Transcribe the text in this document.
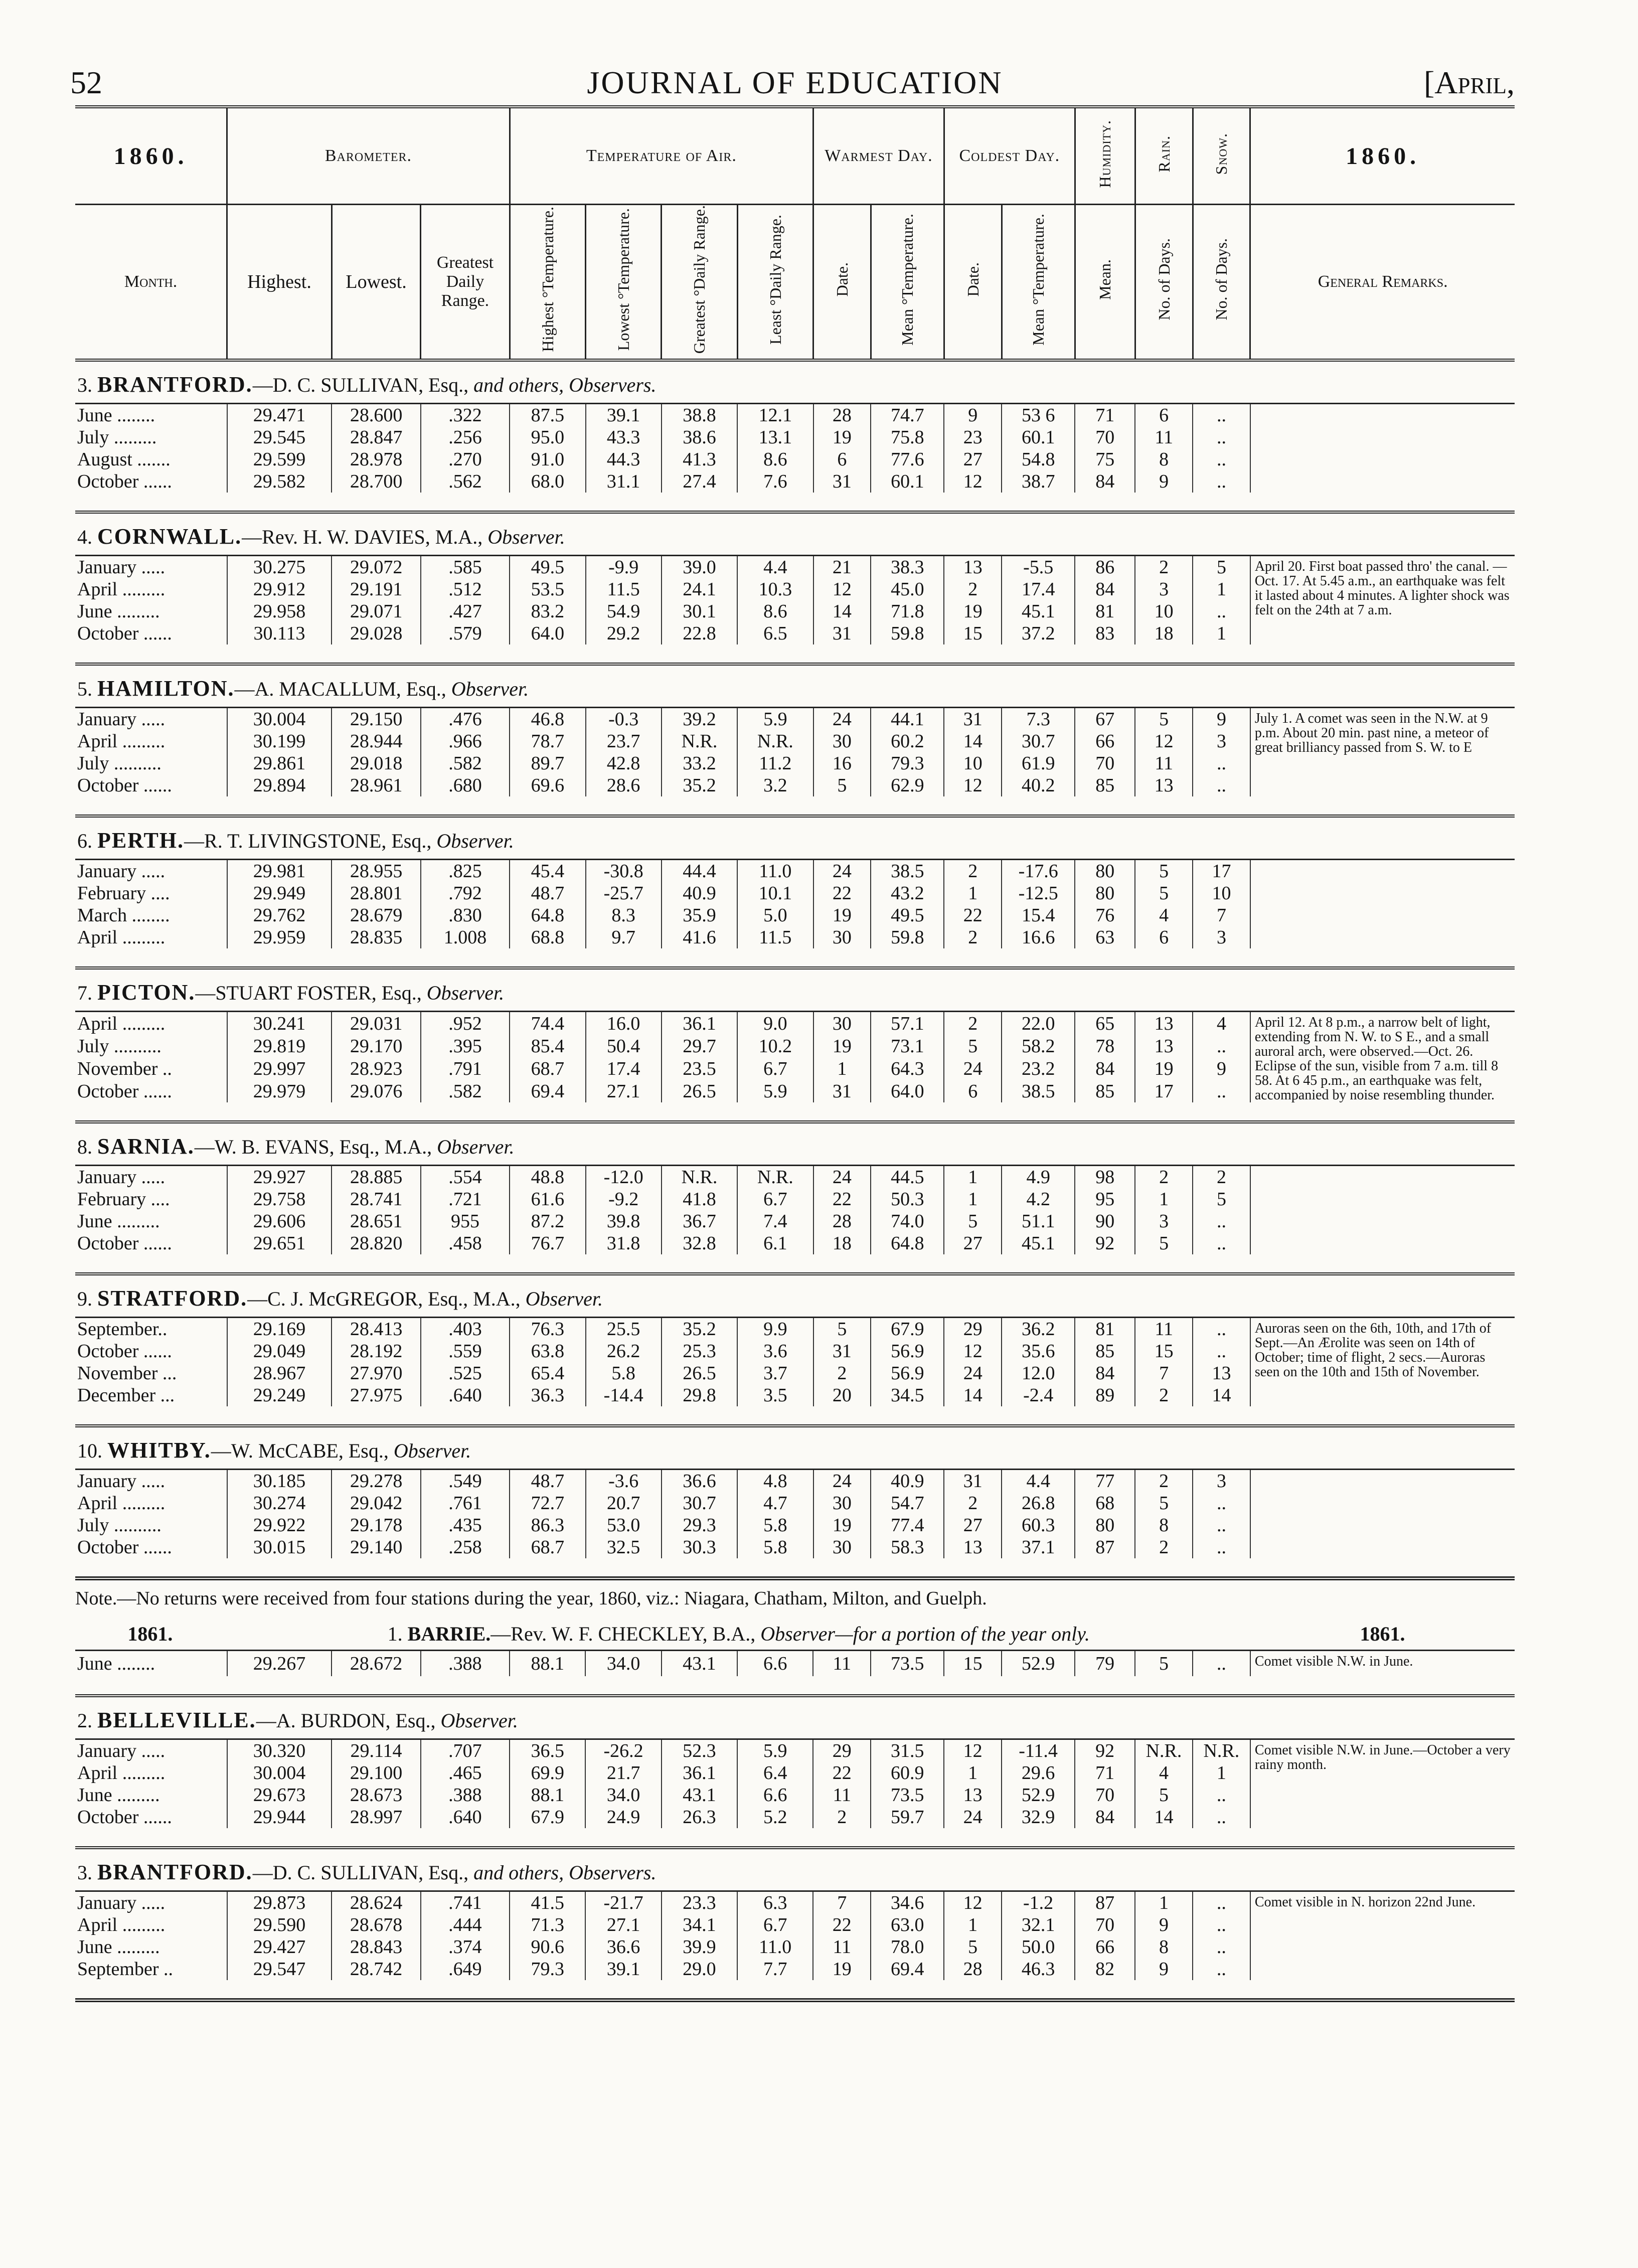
52	JOURNAL OF EDUCATION	[April,
1860.	Barometer.			Temperature of Air.				Warmest Day.		Coldest Day.		Humidity.	Rain.	Snow.	1860.
Month.	Highest.	Lowest.	Greatest Daily Range.	Highest °Temperature.	Lowest °Temperature.	Greatest °Daily Range.	Least °Daily Range.	Date.	Mean °Temperature.	Date.	Mean °Temperature.	Mean.	No. of Days.	No. of Days.	General Remarks.
3. BRANTFORD.—D. C. SULLIVAN, Esq., and others, Observers.															
June ........	29.471	28.600	.322	87.5	39.1	38.8	12.1	28	74.7	9	53 6	71	6	..	
July .........	29.545	28.847	.256	95.0	43.3	38.6	13.1	19	75.8	23	60.1	70	11	..	
August .......	29.599	28.978	.270	91.0	44.3	41.3	8.6	6	77.6	27	54.8	75	8	..	
October ......	29.582	28.700	.562	68.0	31.1	27.4	7.6	31	60.1	12	38.7	84	9	..	

4. CORNWALL.—Rev. H. W. DAVIES, M.A., Observer.															
January .....	30.275	29.072	.585	49.5	-9.9	39.0	4.4	21	38.3	13	-5.5	86	2	5	April 20. First boat passed thro' the canal. — Oct. 17. At 5.45 a.m., an earthquake was felt it lasted about 4 minutes. A lighter shock was felt on the 24th at 7 a.m.
April .........	29.912	29.191	.512	53.5	11.5	24.1	10.3	12	45.0	2	17.4	84	3	1	
June .........	29.958	29.071	.427	83.2	54.9	30.1	8.6	14	71.8	19	45.1	81	10	..	
October ......	30.113	29.028	.579	64.0	29.2	22.8	6.5	31	59.8	15	37.2	83	18	1	

5. HAMILTON.—A. MACALLUM, Esq., Observer.															
January .....	30.004	29.150	.476	46.8	-0.3	39.2	5.9	24	44.1	31	7.3	67	5	9	July 1. A comet was seen in the N.W. at 9 p.m. About 20 min. past nine, a meteor of great brilliancy passed from S. W. to E
April .........	30.199	28.944	.966	78.7	23.7	N.R.	N.R.	30	60.2	14	30.7	66	12	3	
July ..........	29.861	29.018	.582	89.7	42.8	33.2	11.2	16	79.3	10	61.9	70	11	..	
October ......	29.894	28.961	.680	69.6	28.6	35.2	3.2	5	62.9	12	40.2	85	13	..	

6. PERTH.—R. T. LIVINGSTONE, Esq., Observer.															
January .....	29.981	28.955	.825	45.4	-30.8	44.4	11.0	24	38.5	2	-17.6	80	5	17	
February ....	29.949	28.801	.792	48.7	-25.7	40.9	10.1	22	43.2	1	-12.5	80	5	10	
March ........	29.762	28.679	.830	64.8	8.3	35.9	5.0	19	49.5	22	15.4	76	4	7	
April .........	29.959	28.835	1.008	68.8	9.7	41.6	11.5	30	59.8	2	16.6	63	6	3	

7. PICTON.—STUART FOSTER, Esq., Observer.															
April .........	30.241	29.031	.952	74.4	16.0	36.1	9.0	30	57.1	2	22.0	65	13	4	April 12. At 8 p.m., a narrow belt of light, extending from N. W. to S E., and a small auroral arch, were observed.—Oct. 26. Eclipse of the sun, visible from 7 a.m. till 8 58. At 6 45 p.m., an earthquake was felt, accompanied by noise resembling thunder.
July ..........	29.819	29.170	.395	85.4	50.4	29.7	10.2	19	73.1	5	58.2	78	13	..	
November ..	29.997	28.923	.791	68.7	17.4	23.5	6.7	1	64.3	24	23.2	84	19	9	
October ......	29.979	29.076	.582	69.4	27.1	26.5	5.9	31	64.0	6	38.5	85	17	..	

8. SARNIA.—W. B. EVANS, Esq., M.A., Observer.															
January .....	29.927	28.885	.554	48.8	-12.0	N.R.	N.R.	24	44.5	1	4.9	98	2	2	
February ....	29.758	28.741	.721	61.6	-9.2	41.8	6.7	22	50.3	1	4.2	95	1	5	
June .........	29.606	28.651	955	87.2	39.8	36.7	7.4	28	74.0	5	51.1	90	3	..	
October ......	29.651	28.820	.458	76.7	31.8	32.8	6.1	18	64.8	27	45.1	92	5	..	

9. STRATFORD.—C. J. McGREGOR, Esq., M.A., Observer.															
September..	29.169	28.413	.403	76.3	25.5	35.2	9.9	5	67.9	29	36.2	81	11	..	Auroras seen on the 6th, 10th, and 17th of Sept.—An Ærolite was seen on 14th of October; time of flight, 2 secs.—Auroras seen on the 10th and 15th of November.
October ......	29.049	28.192	.559	63.8	26.2	25.3	3.6	31	56.9	12	35.6	85	15	..	
November ...	28.967	27.970	.525	65.4	5.8	26.5	3.7	2	56.9	24	12.0	84	7	13	
December ...	29.249	27.975	.640	36.3	-14.4	29.8	3.5	20	34.5	14	-2.4	89	2	14	

10. WHITBY.—W. McCABE, Esq., Observer.															
January .....	30.185	29.278	.549	48.7	-3.6	36.6	4.8	24	40.9	31	4.4	77	2	3	
April .........	30.274	29.042	.761	72.7	20.7	30.7	4.7	30	54.7	2	26.8	68	5	..	
July ..........	29.922	29.178	.435	86.3	53.0	29.3	5.8	19	77.4	27	60.3	80	8	..	
October ......	30.015	29.140	.258	68.7	32.5	30.3	5.8	30	58.3	13	37.1	87	2	..	

Note.—No returns were received from four stations during the year, 1860, viz.: Niagara, Chatham, Milton, and Guelph.
1861.	1. BARRIE.—Rev. W. F. CHECKLEY, B.A., Observer—for a portion of the year only.														1861.
June ........	29.267	28.672	.388	88.1	34.0	43.1	6.6	11	73.5	15	52.9	79	5	..	Comet visible N.W. in June.

2. BELLEVILLE.—A. BURDON, Esq., Observer.															
January .....	30.320	29.114	.707	36.5	-26.2	52.3	5.9	29	31.5	12	-11.4	92	N.R.	N.R.	Comet visible N.W. in June.—October a very rainy month.
April .........	30.004	29.100	.465	69.9	21.7	36.1	6.4	22	60.9	1	29.6	71	4	1	
June .........	29.673	28.673	.388	88.1	34.0	43.1	6.6	11	73.5	13	52.9	70	5	..	
October ......	29.944	28.997	.640	67.9	24.9	26.3	5.2	2	59.7	24	32.9	84	14	..	

3. BRANTFORD.—D. C. SULLIVAN, Esq., and others, Observers.															
January .....	29.873	28.624	.741	41.5	-21.7	23.3	6.3	7	34.6	12	-1.2	87	1	..	Comet visible in N. horizon 22nd June.
April .........	29.590	28.678	.444	71.3	27.1	34.1	6.7	22	63.0	1	32.1	70	9	..	
June .........	29.427	28.843	.374	90.6	36.6	39.9	11.0	11	78.0	5	50.0	66	8	..	
September ..	29.547	28.742	.649	79.3	39.1	29.0	7.7	19	69.4	28	46.3	82	9	..	
